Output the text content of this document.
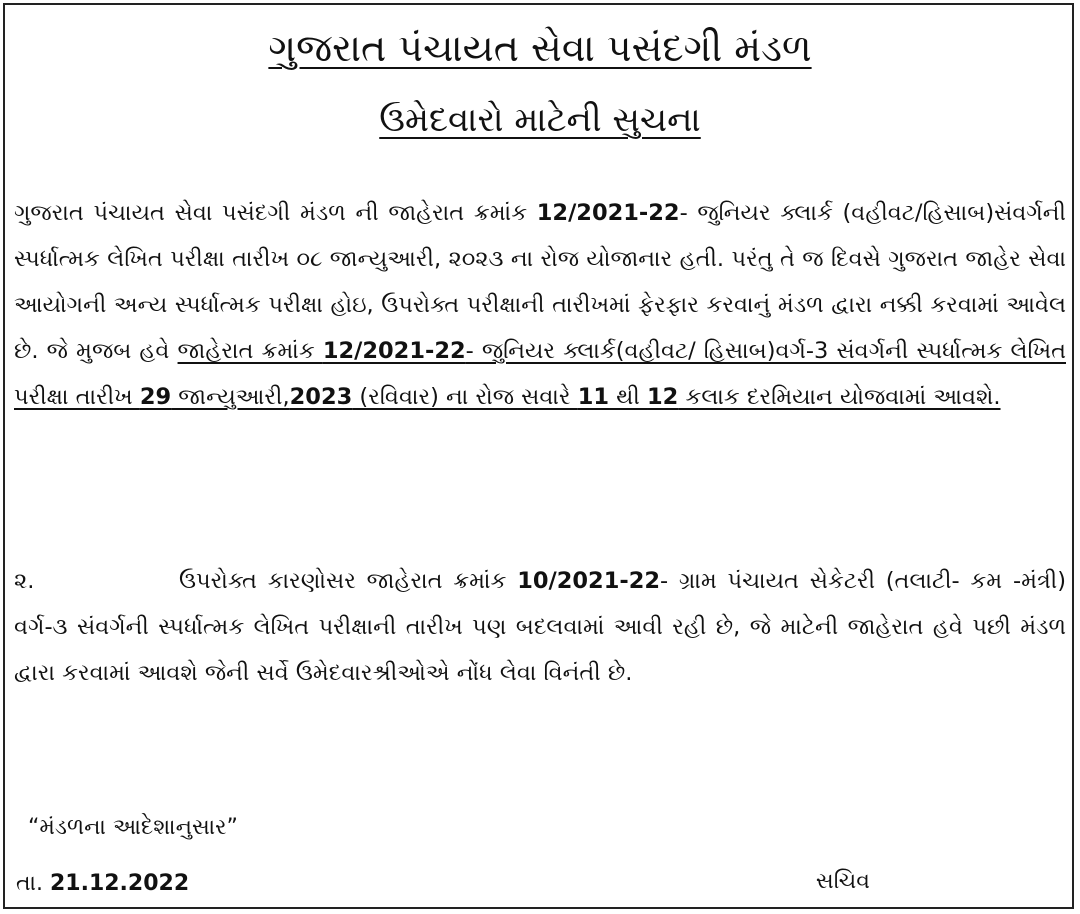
ગુજરાત પંચાયત સેવા પસંદગી મંડળ
ઉમેદવારો માટેની સુચના
ગુજરાત પંચાયત સેવા પસંદગી મંડળ ની જાહેરાત ક્રમાંક 12/2021-22- જુનિયર ક્લાર્ક (વહીવટ/હિસાબ)સંવર્ગની સ્પર્ધાત્મક લેખિત પરીક્ષા તારીખ ૦૮ જાન્યુઆરી, ૨૦૨૩ ના રોજ યોજાનાર હતી. પરંતુ તે જ દિવસે ગુજરાત જાહેર સેવા આયોગની અન્ય સ્પર્ધાત્મક પરીક્ષા હોઇ, ઉપરોક્ત પરીક્ષાની તારીખમાં ફેરફાર કરવાનું મંડળ દ્વારા નક્કી કરવામાં આવેલ છે. જે મુજબ હવે જાહેરાત ક્રમાંક 12/2021-22- જુનિયર ક્લાર્ક(વહીવટ/ હિસાબ)વર્ગ-3 સંવર્ગની સ્પર્ધાત્મક લેખિત પરીક્ષા તારીખ 29 જાન્યુઆરી,2023 (રવિવાર) ના રોજ સવારે 11 થી 12 કલાક દરમિયાન યોજવામાં આવશે.
૨.	ઉપરોક્ત કારણોસર જાહેરાત ક્રમાંક 10/2021-22- ગ્રામ પંચાયત સેકેટરી (તલાટી- કમ -મંત્રી) વર્ગ-૩ સંવર્ગની સ્પર્ધાત્મક લેખિત પરીક્ષાની તારીખ પણ બદલવામાં આવી રહી છે, જે માટેની જાહેરાત હવે પછી મંડળ દ્વારા કરવામાં આવશે જેની સર્વે ઉમેદવારશ્રીઓએ નોંધ લેવા વિનંતી છે.
“મંડળના આદેશાનુસાર”
તા. 21.12.2022	સચિવ
